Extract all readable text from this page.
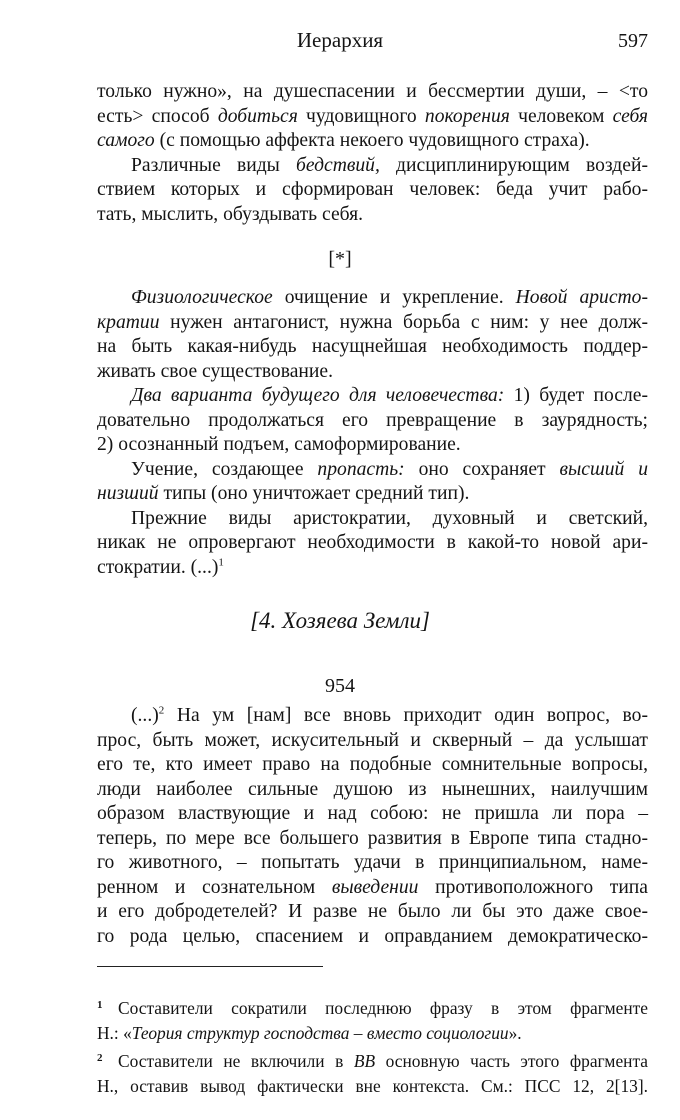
Иерархия	597
только нужно», на душеспасении и бессмертии души, – <то
есть> способ добиться чудовищного покорения человеком себя
самого (с помощью аффекта некоего чудовищного страха).
Различные виды бедствий, дисциплинирующим воздей-
ствием которых и сформирован человек: беда учит рабо-
тать, мыслить, обуздывать себя.
[*]
Физиологическое очищение и укрепление. Новой аристо-
кратии нужен антагонист, нужна борьба с ним: у нее долж-
на быть какая-нибудь насущнейшая необходимость поддер-
живать свое существование.
Два варианта будущего для человечества: 1) будет после-
довательно продолжаться его превращение в заурядность;
2) осознанный подъем, самоформирование.
Учение, создающее пропасть: оно сохраняет высший и
низший типы (оно уничтожает средний тип).
Прежние виды аристократии, духовный и светский,
никак не опровергают необходимости в какой-то новой ари-
стократии. (...)$^1$
[4. Хозяева Земли]
954
(...)$^2$ На ум [нам] все вновь приходит один вопрос, во-
прос, быть может, искусительный и скверный – да услышат
его те, кто имеет право на подобные сомнительные вопросы,
люди наиболее сильные душою из нынешних, наилучшим
образом властвующие и над собою: не пришла ли пора –
теперь, по мере все большего развития в Европе типа стадно-
го животного, – попытать удачи в принципиальном, наме-
ренном и сознательном выведении противоположного типа
и его добродетелей? И разве не было ли бы это даже свое-
го рода целью, спасением и оправданием демократическо-
1 Составители сократили последнюю фразу в этом фрагменте
Н.: «Теория структур господства – вместо социологии».
2 Составители не включили в ВВ основную часть этого фрагмента
Н., оставив вывод фактически вне контекста. См.: ПСС 12, 2[13].
